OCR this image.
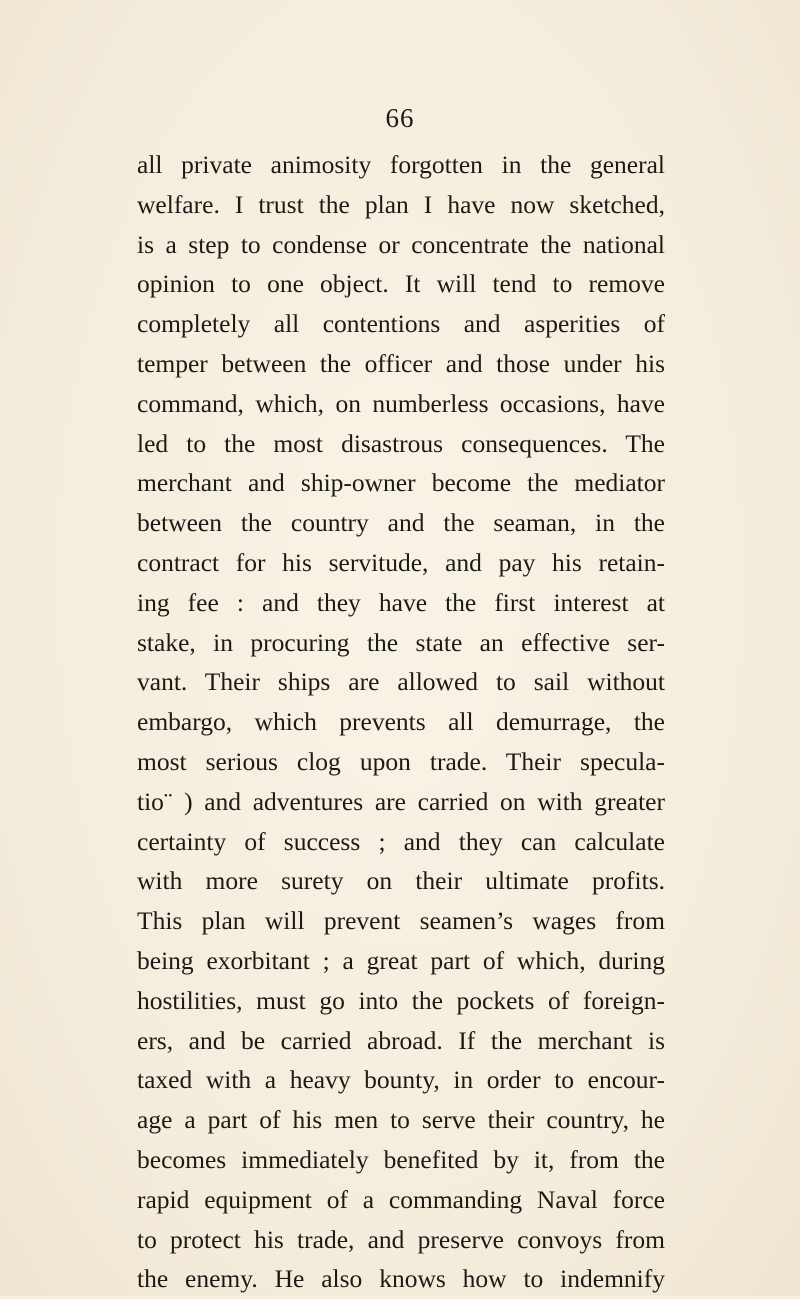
66
all private animosity forgotten in the general
welfare. I trust the plan I have now sketched,
is a step to condense or concentrate the national
opinion to one object. It will tend to remove
completely all contentions and asperities of
temper between the officer and those under his
command, which, on numberless occasions, have
led to the most disastrous consequences. The
merchant and ship-owner become the mediator
between the country and the seaman, in the
contract for his servitude, and pay his retain-
ing fee : and they have the first interest at
stake, in procuring the state an effective ser-
vant. Their ships are allowed to sail without
embargo, which prevents all demurrage, the
most serious clog upon trade. Their specula-
tio¨ ) and adventures are carried on with greater
certainty of success ; and they can calculate
with more surety on their ultimate profits.
This plan will prevent seamen’s wages from
being exorbitant ; a great part of which, during
hostilities, must go into the pockets of foreign-
ers, and be carried abroad. If the merchant is
taxed with a heavy bounty, in order to encour-
age a part of his men to serve their country, he
becomes immediately benefited by it, from the
rapid equipment of a commanding Naval force
to protect his trade, and preserve convoys from
the enemy. He also knows how to indemnify
